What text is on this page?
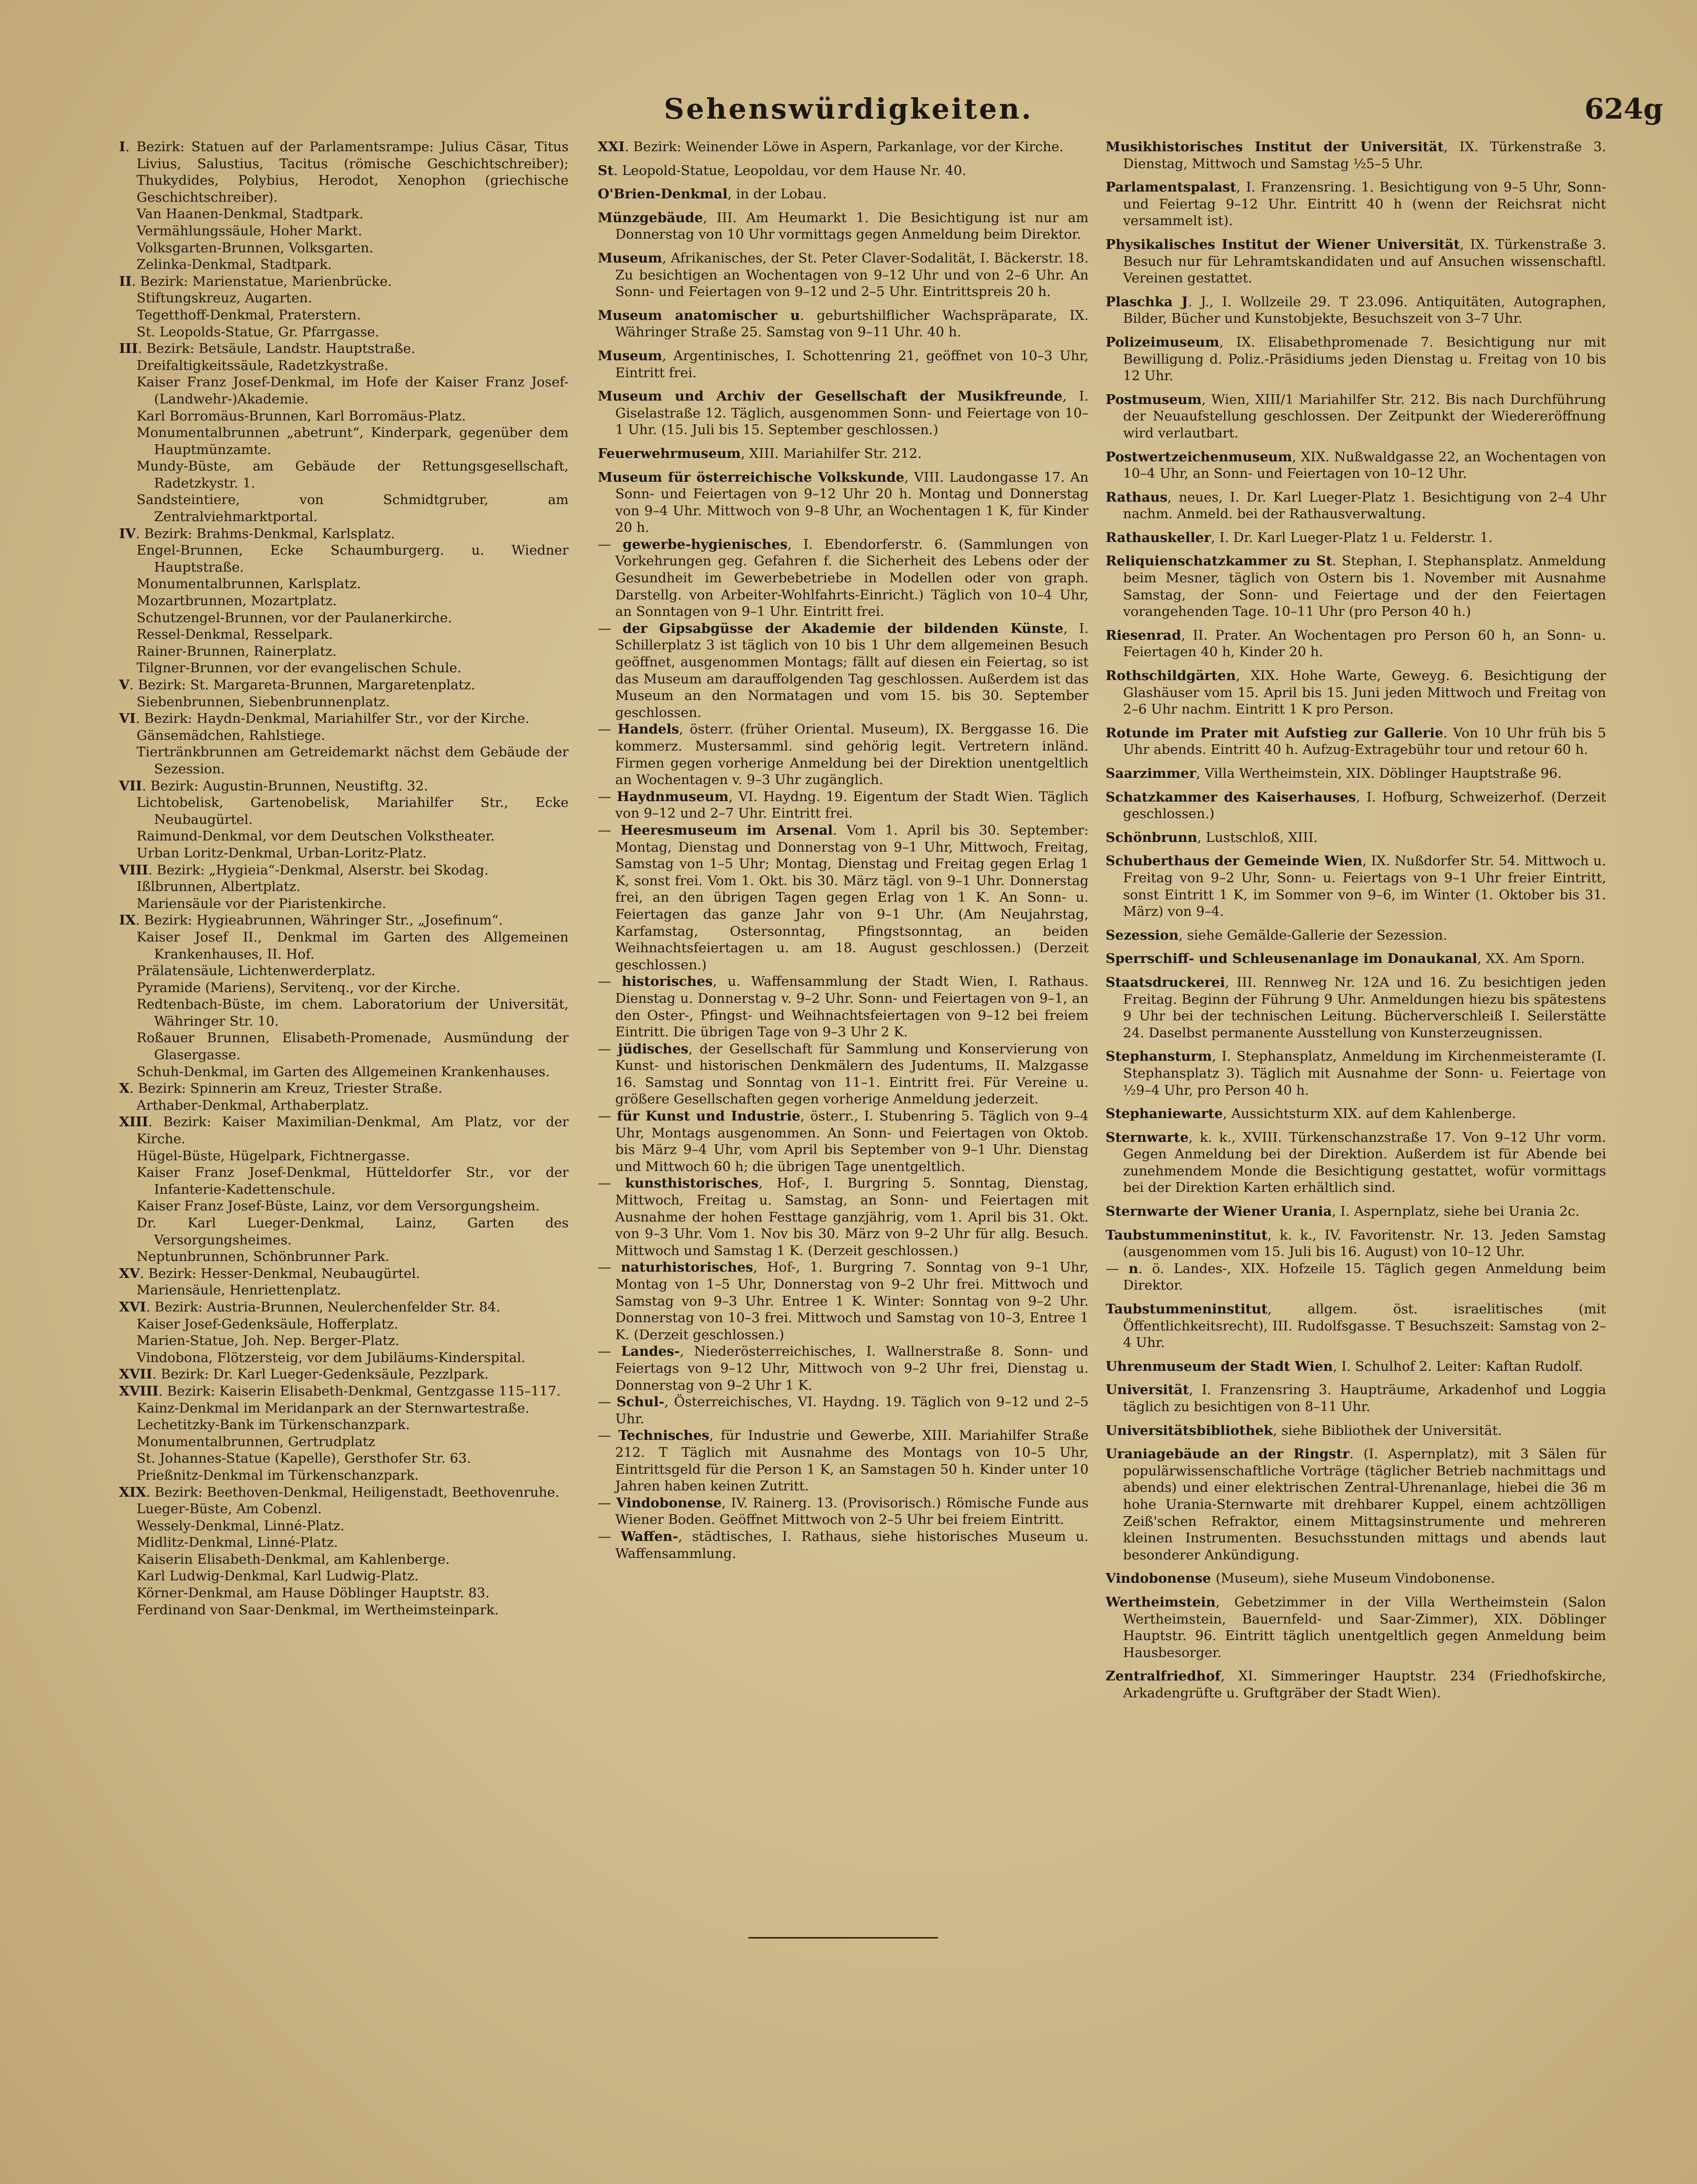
Sehenswürdigkeiten.	624g

I. Bezirk: Statuen auf der Parlamentsrampe: Julius Cäsar, Titus Livius, Salustius, Tacitus (römische Geschichtschreiber); Thukydides, Polybius, Herodot, Xenophon (griechische Geschichtschreiber).

Van Haanen-Denkmal, Stadtpark.

Vermählungssäule, Hoher Markt.

Volksgarten-Brunnen, Volksgarten.

Zelinka-Denkmal, Stadtpark.

II. Bezirk: Marienstatue, Marienbrücke.

Stiftungskreuz, Augarten.

Tegetthoff-Denkmal, Praterstern.

St. Leopolds-Statue, Gr. Pfarrgasse.

III. Bezirk: Betsäule, Landstr. Hauptstraße.

Dreifaltigkeitssäule, Radetzkystraße.

Kaiser Franz Josef-Denkmal, im Hofe der Kaiser Franz Josef-(Landwehr-)Akademie.

Karl Borromäus-Brunnen, Karl Borromäus-Platz.

Monumentalbrunnen „abetrunt“, Kinderpark, gegenüber dem Hauptmünzamte.

Mundy-Büste, am Gebäude der Rettungsgesellschaft, Radetzkystr. 1.

Sandsteintiere, von Schmidtgruber, am Zentralviehmarktportal.

IV. Bezirk: Brahms-Denkmal, Karlsplatz.

Engel-Brunnen, Ecke Schaumburgerg. u. Wiedner Hauptstraße.

Monumentalbrunnen, Karlsplatz.

Mozartbrunnen, Mozartplatz.

Schutzengel-Brunnen, vor der Paulanerkirche.

Ressel-Denkmal, Resselpark.

Rainer-Brunnen, Rainerplatz.

Tilgner-Brunnen, vor der evangelischen Schule.

V. Bezirk: St. Margareta-Brunnen, Margaretenplatz.

Siebenbrunnen, Siebenbrunnenplatz.

VI. Bezirk: Haydn-Denkmal, Mariahilfer Str., vor der Kirche.

Gänsemädchen, Rahlstiege.

Tiertränkbrunnen am Getreidemarkt nächst dem Gebäude der Sezession.

VII. Bezirk: Augustin-Brunnen, Neustiftg. 32.

Lichtobelisk, Gartenobelisk, Mariahilfer Str., Ecke Neubaugürtel.

Raimund-Denkmal, vor dem Deutschen Volkstheater.

Urban Loritz-Denkmal, Urban-Loritz-Platz.

VIII. Bezirk: „Hygieia“-Denkmal, Alserstr. bei Skodag.

Ißlbrunnen, Albertplatz.

Mariensäule vor der Piaristenkirche.

IX. Bezirk: Hygieabrunnen, Währinger Str., „Josefinum“.

Kaiser Josef II., Denkmal im Garten des Allgemeinen Krankenhauses, II. Hof.

Prälatensäule, Lichtenwerderplatz.

Pyramide (Mariens), Servitenq., vor der Kirche.

Redtenbach-Büste, im chem. Laboratorium der Universität, Währinger Str. 10.

Roßauer Brunnen, Elisabeth-Promenade, Ausmündung der Glasergasse.

Schuh-Denkmal, im Garten des Allgemeinen Krankenhauses.

X. Bezirk: Spinnerin am Kreuz, Triester Straße.

Arthaber-Denkmal, Arthaberplatz.

XIII. Bezirk: Kaiser Maximilian-Denkmal, Am Platz, vor der Kirche.

Hügel-Büste, Hügelpark, Fichtnergasse.

Kaiser Franz Josef-Denkmal, Hütteldorfer Str., vor der Infanterie-Kadettenschule.

Kaiser Franz Josef-Büste, Lainz, vor dem Versorgungsheim.

Dr. Karl Lueger-Denkmal, Lainz, Garten des Versorgungsheimes.

Neptunbrunnen, Schönbrunner Park.

XV. Bezirk: Hesser-Denkmal, Neubaugürtel.

Mariensäule, Henriettenplatz.

XVI. Bezirk: Austria-Brunnen, Neulerchenfelder Str. 84.

Kaiser Josef-Gedenksäule, Hofferplatz.

Marien-Statue, Joh. Nep. Berger-Platz.

Vindobona, Flötzersteig, vor dem Jubiläums-Kinderspital.

XVII. Bezirk: Dr. Karl Lueger-Gedenksäule, Pezzlpark.

XVIII. Bezirk: Kaiserin Elisabeth-Denkmal, Gentzgasse 115–117.

Kainz-Denkmal im Meridanpark an der Sternwartestraße.

Lechetitzky-Bank im Türkenschanzpark.

Monumentalbrunnen, Gertrudplatz

St. Johannes-Statue (Kapelle), Gersthofer Str. 63.

Prießnitz-Denkmal im Türkenschanzpark.

XIX. Bezirk: Beethoven-Denkmal, Heiligenstadt, Beethovenruhe.

Lueger-Büste, Am Cobenzl.

Wessely-Denkmal, Linné-Platz.

Midlitz-Denkmal, Linné-Platz.

Kaiserin Elisabeth-Denkmal, am Kahlenberge.

Karl Ludwig-Denkmal, Karl Ludwig-Platz.

Körner-Denkmal, am Hause Döblinger Hauptstr. 83.

Ferdinand von Saar-Denkmal, im Wertheimsteinpark.

XXI. Bezirk: Weinender Löwe in Aspern, Parkanlage, vor der Kirche.

St. Leopold-Statue, Leopoldau, vor dem Hause Nr. 40.

O'Brien-Denkmal, in der Lobau.

Münzgebäude, III. Am Heumarkt 1. Die Besichtigung ist nur am Donnerstag von 10 Uhr vormittags gegen Anmeldung beim Direktor.

Museum, Afrikanisches, der St. Peter Claver-Sodalität, I. Bäckerstr. 18. Zu besichtigen an Wochentagen von 9–12 Uhr und von 2–6 Uhr. An Sonn- und Feiertagen von 9–12 und 2–5 Uhr. Eintrittspreis 20 h.

Museum anatomischer u. geburtshilflicher Wachspräparate, IX. Währinger Straße 25. Samstag von 9–11 Uhr. 40 h.

Museum, Argentinisches, I. Schottenring 21, geöffnet von 10–3 Uhr, Eintritt frei.

Museum und Archiv der Gesellschaft der Musikfreunde, I. Giselastraße 12. Täglich, ausgenommen Sonn- und Feiertage von 10–1 Uhr. (15. Juli bis 15. September geschlossen.)

Feuerwehrmuseum, XIII. Mariahilfer Str. 212.

Museum für österreichische Volkskunde, VIII. Laudongasse 17. An Sonn- und Feiertagen von 9–12 Uhr 20 h. Montag und Donnerstag von 9–4 Uhr. Mittwoch von 9–8 Uhr, an Wochentagen 1 K, für Kinder 20 h.

— gewerbe-hygienisches, I. Ebendorferstr. 6. (Sammlungen von Vorkehrungen geg. Gefahren f. die Sicherheit des Lebens oder der Gesundheit im Gewerbebetriebe in Modellen oder von graph. Darstellg. von Arbeiter-Wohlfahrts-Einricht.) Täglich von 10–4 Uhr, an Sonntagen von 9–1 Uhr. Eintritt frei.

— der Gipsabgüsse der Akademie der bildenden Künste, I. Schillerplatz 3 ist täglich von 10 bis 1 Uhr dem allgemeinen Besuch geöffnet, ausgenommen Montags; fällt auf diesen ein Feiertag, so ist das Museum am darauffolgenden Tag geschlossen. Außerdem ist das Museum an den Normatagen und vom 15. bis 30. September geschlossen.

— Handels, österr. (früher Oriental. Museum), IX. Berggasse 16. Die kommerz. Mustersamml. sind gehörig legit. Vertretern inländ. Firmen gegen vorherige Anmeldung bei der Direktion unentgeltlich an Wochentagen v. 9–3 Uhr zugänglich.

— Haydnmuseum, VI. Haydng. 19. Eigentum der Stadt Wien. Täglich von 9–12 und 2–7 Uhr. Eintritt frei.

— Heeresmuseum im Arsenal. Vom 1. April bis 30. September: Montag, Dienstag und Donnerstag von 9–1 Uhr, Mittwoch, Freitag, Samstag von 1–5 Uhr; Montag, Dienstag und Freitag gegen Erlag 1 K, sonst frei. Vom 1. Okt. bis 30. März tägl. von 9–1 Uhr. Donnerstag frei, an den übrigen Tagen gegen Erlag von 1 K. An Sonn- u. Feiertagen das ganze Jahr von 9–1 Uhr. (Am Neujahrstag, Karfamstag, Ostersonntag, Pfingstsonntag, an beiden Weihnachtsfeiertagen u. am 18. August geschlossen.) (Derzeit geschlossen.)

— historisches, u. Waffensammlung der Stadt Wien, I. Rathaus. Dienstag u. Donnerstag v. 9–2 Uhr. Sonn- und Feiertagen von 9–1, an den Oster-, Pfingst- und Weihnachtsfeiertagen von 9–12 bei freiem Eintritt. Die übrigen Tage von 9–3 Uhr 2 K.

— jüdisches, der Gesellschaft für Sammlung und Konservierung von Kunst- und historischen Denkmälern des Judentums, II. Malzgasse 16. Samstag und Sonntag von 11–1. Eintritt frei. Für Vereine u. größere Gesellschaften gegen vorherige Anmeldung jederzeit.

— für Kunst und Industrie, österr., I. Stubenring 5. Täglich von 9–4 Uhr, Montags ausgenommen. An Sonn- und Feiertagen von Oktob. bis März 9–4 Uhr, vom April bis September von 9–1 Uhr. Dienstag und Mittwoch 60 h; die übrigen Tage unentgeltlich.

— kunsthistorisches, Hof-, I. Burgring 5. Sonntag, Dienstag, Mittwoch, Freitag u. Samstag, an Sonn- und Feiertagen mit Ausnahme der hohen Festtage ganzjährig, vom 1. April bis 31. Okt. von 9–3 Uhr. Vom 1. Nov bis 30. März von 9–2 Uhr für allg. Besuch. Mittwoch und Samstag 1 K. (Derzeit geschlossen.)

— naturhistorisches, Hof-, 1. Burgring 7. Sonntag von 9–1 Uhr, Montag von 1–5 Uhr, Donnerstag von 9–2 Uhr frei. Mittwoch und Samstag von 9–3 Uhr. Entree 1 K. Winter: Sonntag von 9–2 Uhr. Donnerstag von 10–3 frei. Mittwoch und Samstag von 10–3, Entree 1 K. (Derzeit geschlossen.)

— Landes-, Niederösterreichisches, I. Wallnerstraße 8. Sonn- und Feiertags von 9–12 Uhr, Mittwoch von 9–2 Uhr frei, Dienstag u. Donnerstag von 9–2 Uhr 1 K.

— Schul-, Österreichisches, VI. Haydng. 19. Täglich von 9–12 und 2–5 Uhr.

— Technisches, für Industrie und Gewerbe, XIII. Mariahilfer Straße 212. T Täglich mit Ausnahme des Montags von 10–5 Uhr, Eintrittsgeld für die Person 1 K, an Samstagen 50 h. Kinder unter 10 Jahren haben keinen Zutritt.

— Vindobonense, IV. Rainerg. 13. (Provisorisch.) Römische Funde aus Wiener Boden. Geöffnet Mittwoch von 2–5 Uhr bei freiem Eintritt.

— Waffen-, städtisches, I. Rathaus, siehe historisches Museum u. Waffensammlung.

Musikhistorisches Institut der Universität, IX. Türkenstraße 3. Dienstag, Mittwoch und Samstag ½5–5 Uhr.

Parlamentspalast, I. Franzensring. 1. Besichtigung von 9–5 Uhr, Sonn- und Feiertag 9–12 Uhr. Eintritt 40 h (wenn der Reichsrat nicht versammelt ist).

Physikalisches Institut der Wiener Universität, IX. Türkenstraße 3. Besuch nur für Lehramtskandidaten und auf Ansuchen wissenschaftl. Vereinen gestattet.

Plaschka J. J., I. Wollzeile 29. T 23.096. Antiquitäten, Autographen, Bilder, Bücher und Kunstobjekte, Besuchszeit von 3–7 Uhr.

Polizeimuseum, IX. Elisabethpromenade 7. Besichtigung nur mit Bewilligung d. Poliz.-Präsidiums jeden Dienstag u. Freitag von 10 bis 12 Uhr.

Postmuseum, Wien, XIII/1 Mariahilfer Str. 212. Bis nach Durchführung der Neuaufstellung geschlossen. Der Zeitpunkt der Wiedereröffnung wird verlautbart.

Postwertzeichenmuseum, XIX. Nußwaldgasse 22, an Wochentagen von 10–4 Uhr, an Sonn- und Feiertagen von 10–12 Uhr.

Rathaus, neues, I. Dr. Karl Lueger-Platz 1. Besichtigung von 2–4 Uhr nachm. Anmeld. bei der Rathausverwaltung.

Rathauskeller, I. Dr. Karl Lueger-Platz 1 u. Felderstr. 1.

Reliquienschatzkammer zu St. Stephan, I. Stephansplatz. Anmeldung beim Mesner, täglich von Ostern bis 1. November mit Ausnahme Samstag, der Sonn- und Feiertage und der den Feiertagen vorangehenden Tage. 10–11 Uhr (pro Person 40 h.)

Riesenrad, II. Prater. An Wochentagen pro Person 60 h, an Sonn- u. Feiertagen 40 h, Kinder 20 h.

Rothschildgärten, XIX. Hohe Warte, Geweyg. 6. Besichtigung der Glashäuser vom 15. April bis 15. Juni jeden Mittwoch und Freitag von 2–6 Uhr nachm. Eintritt 1 K pro Person.

Rotunde im Prater mit Aufstieg zur Gallerie. Von 10 Uhr früh bis 5 Uhr abends. Eintritt 40 h. Aufzug-Extragebühr tour und retour 60 h.

Saarzimmer, Villa Wertheimstein, XIX. Döblinger Hauptstraße 96.

Schatzkammer des Kaiserhauses, I. Hofburg, Schweizerhof. (Derzeit geschlossen.)

Schönbrunn, Lustschloß, XIII.

Schuberthaus der Gemeinde Wien, IX. Nußdorfer Str. 54. Mittwoch u. Freitag von 9–2 Uhr, Sonn- u. Feiertags von 9–1 Uhr freier Eintritt, sonst Eintritt 1 K, im Sommer von 9–6, im Winter (1. Oktober bis 31. März) von 9–4.

Sezession, siehe Gemälde-Gallerie der Sezession.

Sperrschiff- und Schleusenanlage im Donaukanal, XX. Am Sporn.

Staatsdruckerei, III. Rennweg Nr. 12A und 16. Zu besichtigen jeden Freitag. Beginn der Führung 9 Uhr. Anmeldungen hiezu bis spätestens 9 Uhr bei der technischen Leitung. Bücherverschleiß I. Seilerstätte 24. Daselbst permanente Ausstellung von Kunsterzeugnissen.

Stephansturm, I. Stephansplatz, Anmeldung im Kirchenmeisteramte (I. Stephansplatz 3). Täglich mit Ausnahme der Sonn- u. Feiertage von ½9–4 Uhr, pro Person 40 h.

Stephaniewarte, Aussichtsturm XIX. auf dem Kahlenberge.

Sternwarte, k. k., XVIII. Türkenschanzstraße 17. Von 9–12 Uhr vorm. Gegen Anmeldung bei der Direktion. Außerdem ist für Abende bei zunehmendem Monde die Besichtigung gestattet, wofür vormittags bei der Direktion Karten erhältlich sind.

Sternwarte der Wiener Urania, I. Aspernplatz, siehe bei Urania 2c.

Taubstummeninstitut, k. k., IV. Favoritenstr. Nr. 13. Jeden Samstag (ausgenommen vom 15. Juli bis 16. August) von 10–12 Uhr.

— n. ö. Landes-, XIX. Hofzeile 15. Täglich gegen Anmeldung beim Direktor.

Taubstummeninstitut, allgem. öst. israelitisches (mit Öffentlichkeitsrecht), III. Rudolfsgasse. T Besuchszeit: Samstag von 2–4 Uhr.

Uhrenmuseum der Stadt Wien, I. Schulhof 2. Leiter: Kaftan Rudolf.

Universität, I. Franzensring 3. Haupträume, Arkadenhof und Loggia täglich zu besichtigen von 8–11 Uhr.

Universitätsbibliothek, siehe Bibliothek der Universität.

Uraniagebäude an der Ringstr. (I. Aspernplatz), mit 3 Sälen für populärwissenschaftliche Vorträge (täglicher Betrieb nachmittags und abends) und einer elektrischen Zentral-Uhrenanlage, hiebei die 36 m hohe Urania-Sternwarte mit drehbarer Kuppel, einem achtzölligen Zeiß'schen Refraktor, einem Mittagsinstrumente und mehreren kleinen Instrumenten. Besuchsstunden mittags und abends laut besonderer Ankündigung.

Vindobonense (Museum), siehe Museum Vindobonense.

Wertheimstein, Gebetzimmer in der Villa Wertheimstein (Salon Wertheimstein, Bauernfeld- und Saar-Zimmer), XIX. Döblinger Hauptstr. 96. Eintritt täglich unentgeltlich gegen Anmeldung beim Hausbesorger.

Zentralfriedhof, XI. Simmeringer Hauptstr. 234 (Friedhofskirche, Arkadengrüfte u. Gruftgräber der Stadt Wien).
